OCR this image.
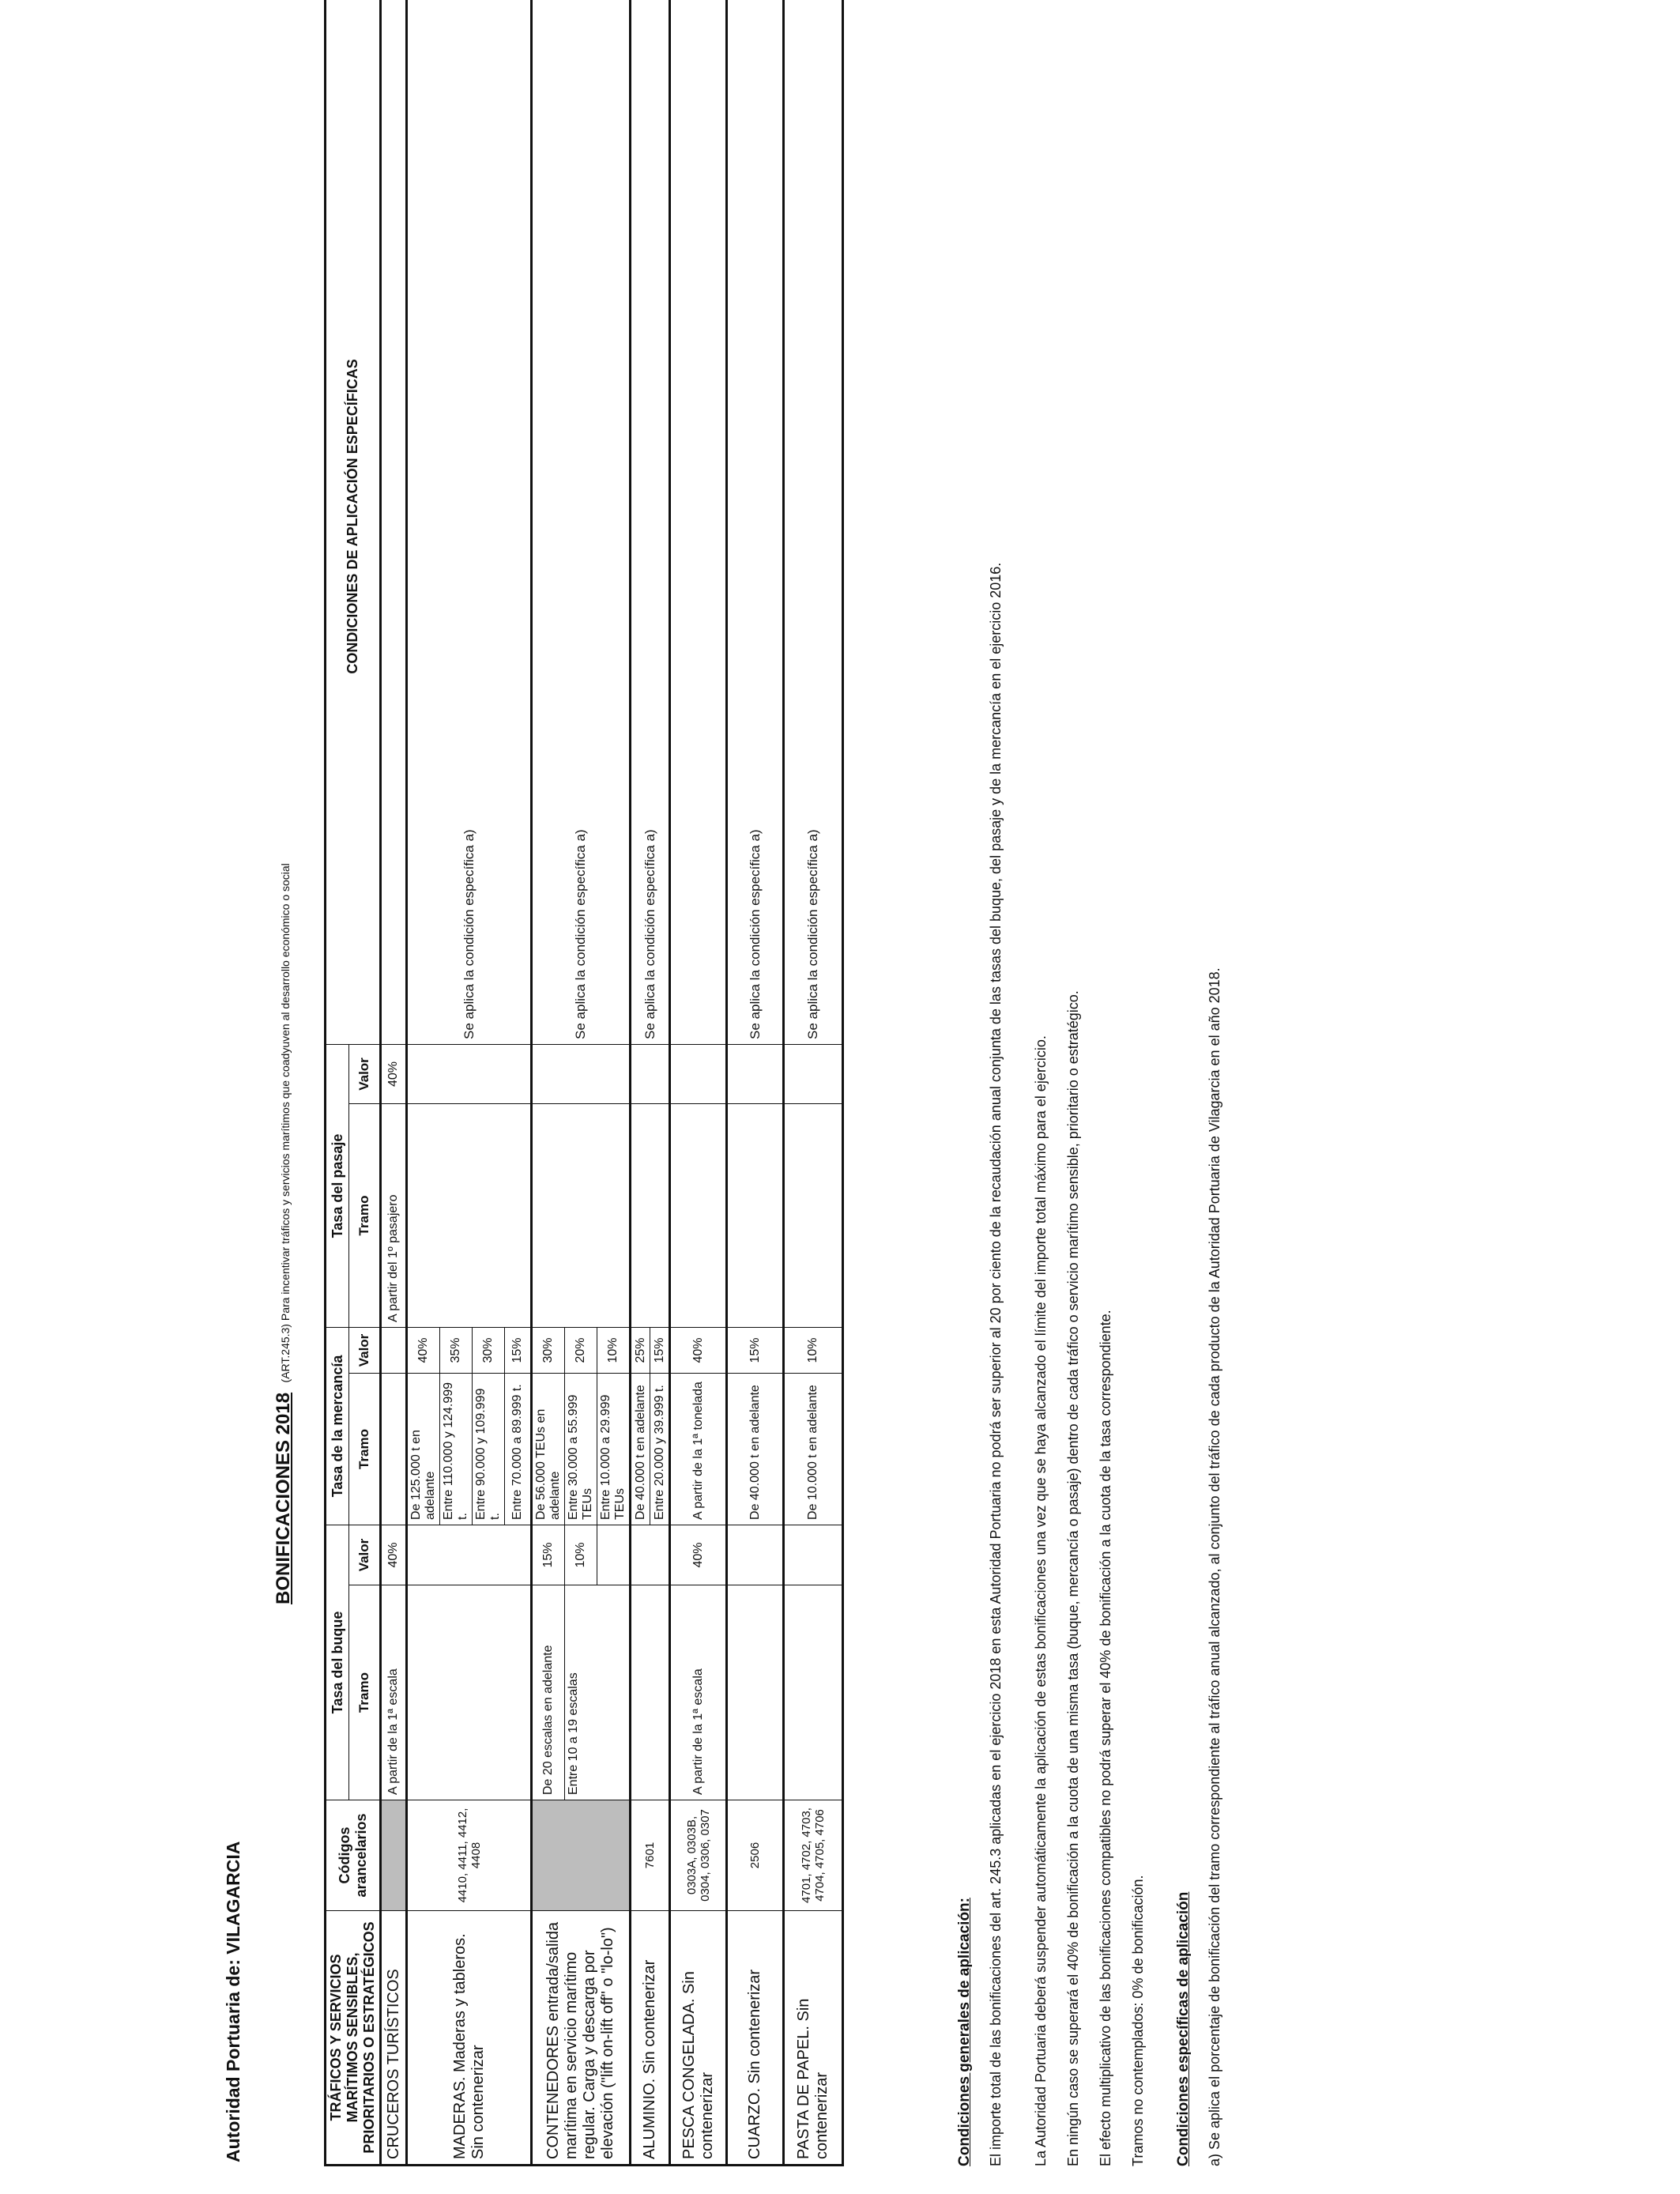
Autoridad Portuaria de: VILAGARCIA
BONIFICACIONES 2018 (ART.245.3) Para incentivar tráficos y servicios marítimos que coadyuven al desarrollo económico o social
TRÁFICOS Y SERVICIOS MARÍTIMOS SENSIBLES, PRIORITARIOS O ESTRATÉGICOS	Códigos arancelarios	Tasa del buque		Tasa de la mercancía		Tasa del pasaje		CONDICIONES DE APLICACIÓN ESPECÍFICAS
		Tramo	Valor	Tramo	Valor	Tramo	Valor	
CRUCEROS TURÍSTICOS		A partir de la 1ª escala	40%			A partir del 1º pasajero	40%	
MADERAS. Maderas y tableros. Sin contenerizar	4410, 4411, 4412, 4408			De 125.000 t en adelante	40%			Se aplica la condición específica a)
				Entre 110.000 y 124.999 t.	35%			
				Entre 90.000 y 109.999 t.	30%			
				Entre 70.000 a 89.999 t.	15%			
CONTENEDORES entrada/salida marítima en servicio marítimo regular. Carga y descarga por elevación ("lift on-lift off" o "lo-lo")		De 20 escalas en adelante	15%	De 56.000 TEUs en adelante	30%			Se aplica la condición específica a)
		Entre 10 a 19 escalas	10%	Entre 30.000 a 55.999 TEUs	20%			
				Entre 10.000 a 29.999 TEUs	10%			
ALUMINIO. Sin contenerizar	7601			De 40.000 t en adelante	25%			Se aplica la condición específica a)
				Entre 20.000 y 39.999 t.	15%			
PESCA CONGELADA. Sin contenerizar	0303A, 0303B, 0304, 0306, 0307	A partir de la 1ª escala	40%	A partir de la 1ª tonelada	40%			
CUARZO. Sin contenerizar	2506			De 40.000 t en adelante	15%			Se aplica la condición específica a)
PASTA DE PAPEL. Sin contenerizar	4701, 4702, 4703, 4704, 4705, 4706			De 10.000 t en adelante	10%			Se aplica la condición específica a)
Condiciones generales de aplicación: El importe total de las bonificaciones del art. 245.3 aplicadas en el ejercicio 2018 en esta Autoridad Portuaria no podrá ser superior al 20 por ciento de la recaudación anual conjunta de las tasas del buque, del pasaje y de la mercancía en el ejercicio 2016. La Autoridad Portuaria deberá suspender automáticamente la aplicación de estas bonificaciones una vez que se haya alcanzado el límite del importe total máximo para el ejercicio. En ningún caso se superará el 40% de bonificación a la cuota de una misma tasa (buque, mercancía o pasaje) dentro de cada tráfico o servicio marítimo sensible, prioritario o estratégico. El efecto multiplicativo de las bonificaciones compatibles no podrá superar el 40% de bonificación a la cuota de la tasa correspondiente. Tramos no contemplados: 0% de bonificación. Condiciones específicas de aplicación a) Se aplica el porcentaje de bonificación del tramo correspondiente al tráfico anual alcanzado, al conjunto del tráfico de cada producto de la Autoridad Portuaria de Vilagarcia en el año 2018.
